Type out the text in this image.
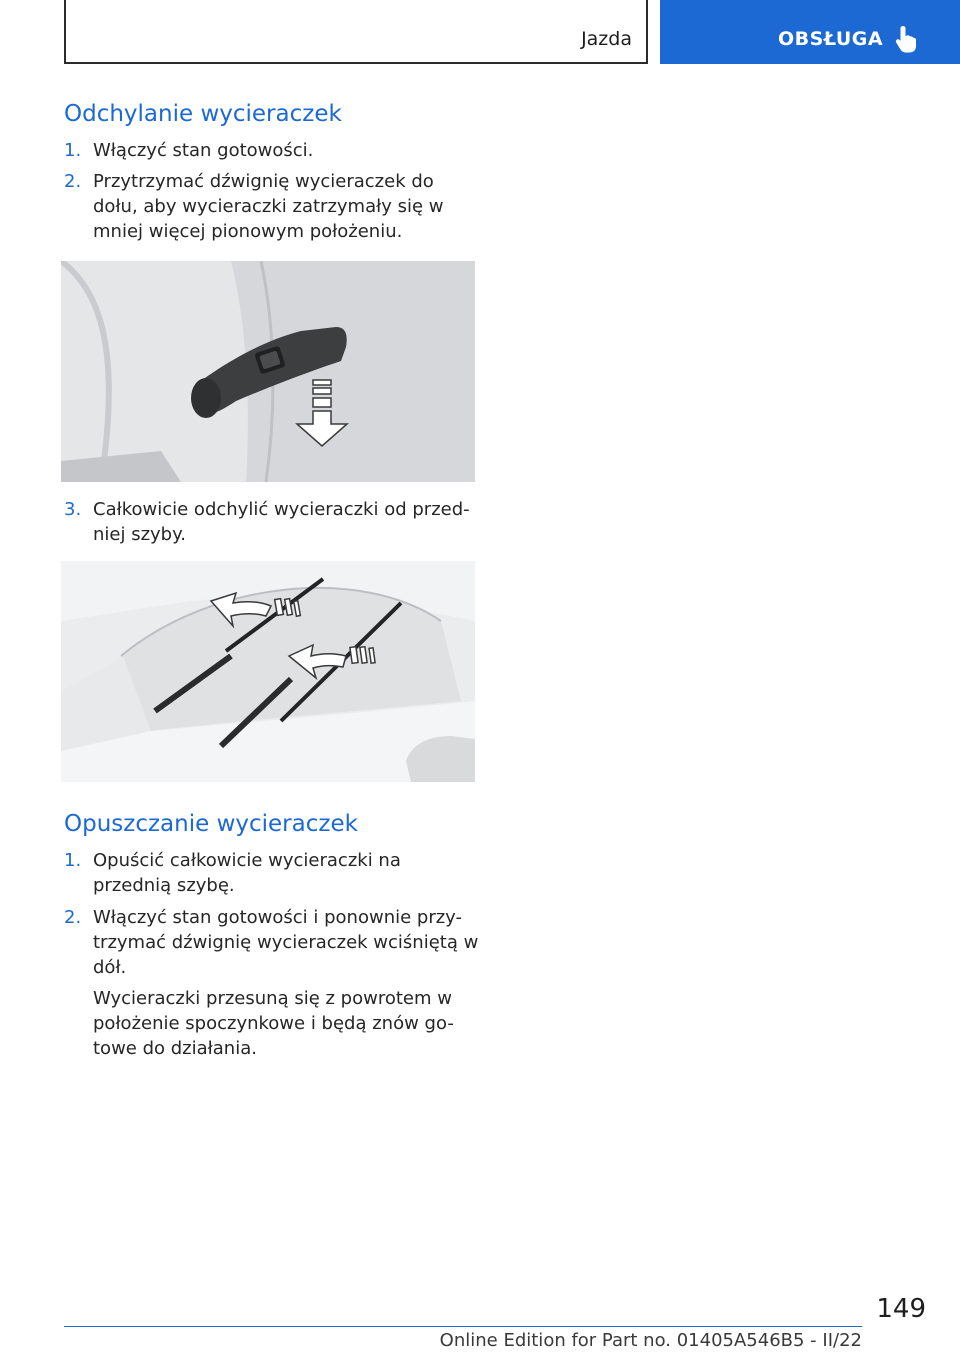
Jazda	OBSŁUGA
Odchylanie wycieraczek
1. Włączyć stan gotowości.
2. Przytrzymać dźwignię wycieraczek do dołu, aby wycieraczki zatrzymały się w mniej więcej pionowym położeniu.
3. Całkowicie odchylić wycieraczki od przed-niej szyby.
Opuszczanie wycieraczek
1. Opuścić całkowicie wycieraczki na przednią szybę.
2. Włączyć stan gotowości i ponownie przy-trzymać dźwignię wycieraczek wciśniętą w dół.
Wycieraczki przesuną się z powrotem w położenie spoczynkowe i będą znów go-towe do działania.
149
Online Edition for Part no. 01405A546B5 - II/22
